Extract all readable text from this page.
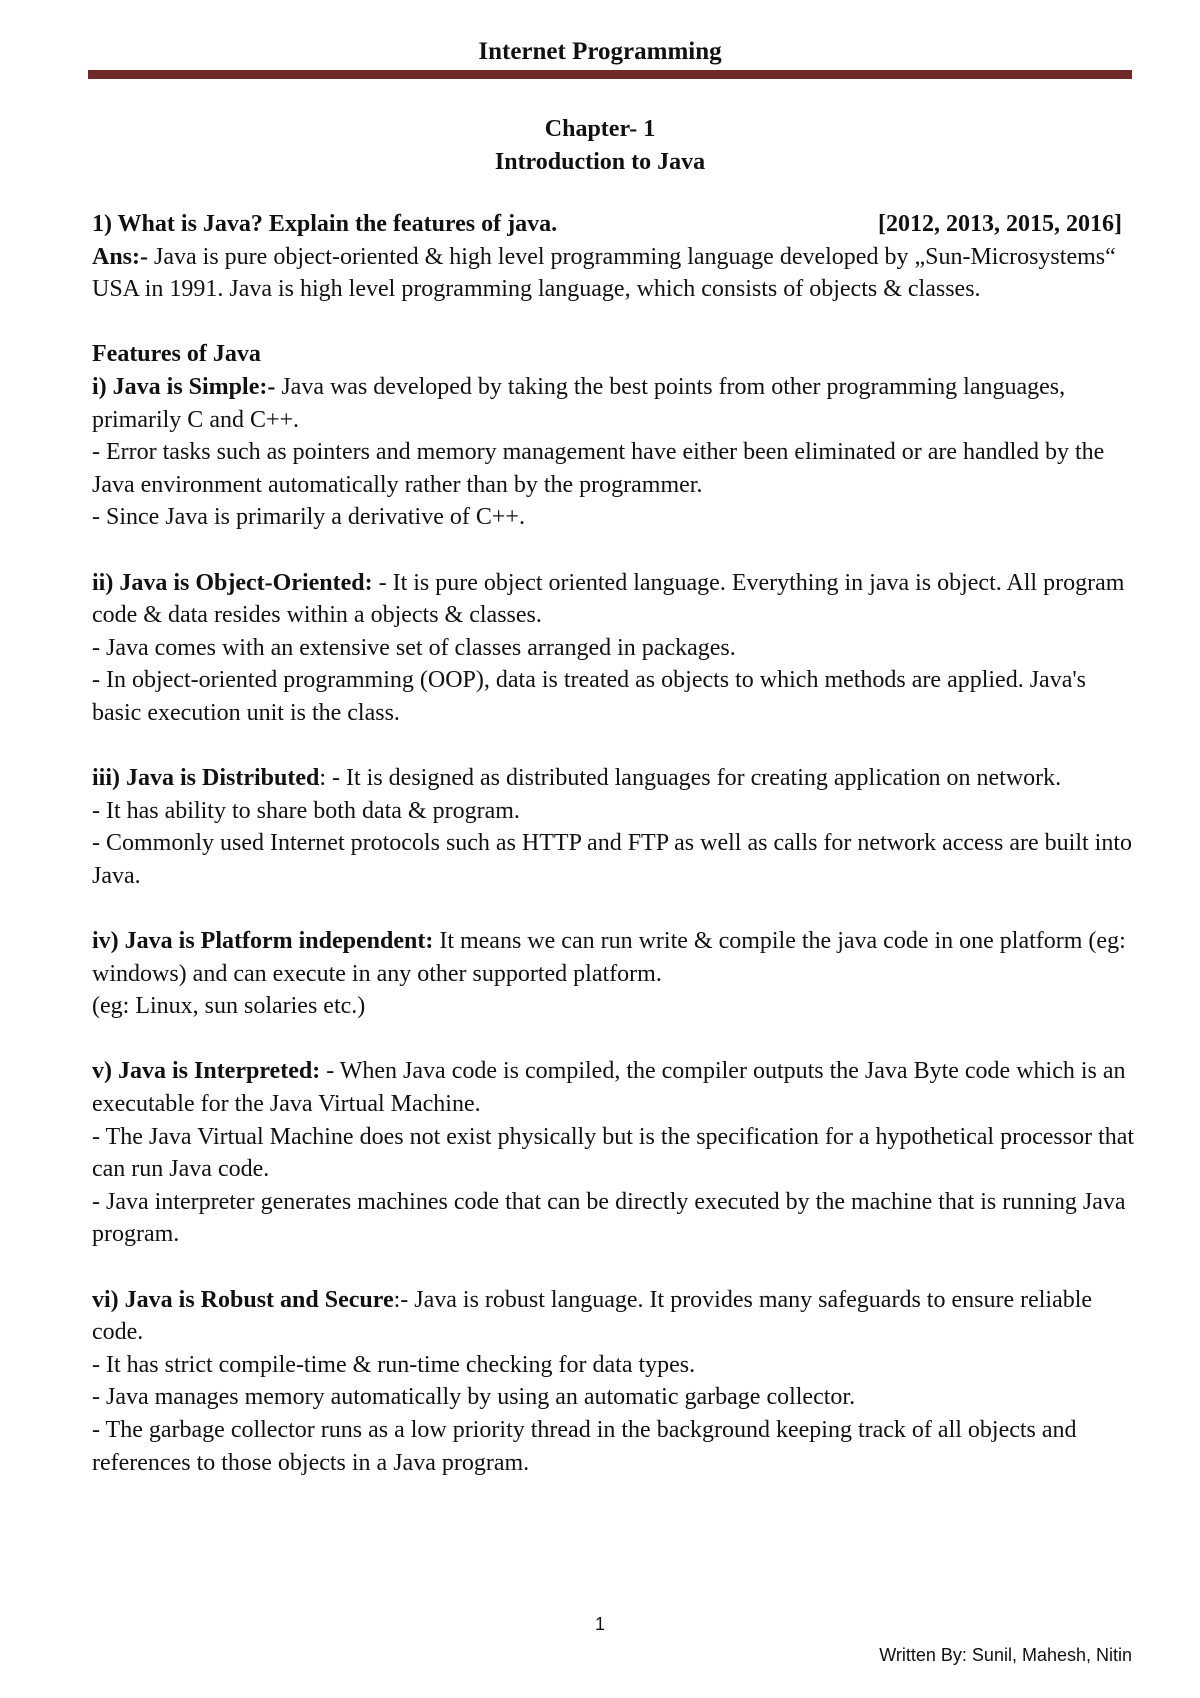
Internet Programming
Chapter- 1
Introduction to Java
1) What is Java? Explain the features of java.	[2012, 2013, 2015, 2016]

Ans:- Java is pure object-oriented & high level programming language developed by „Sun-Microsystems“ USA in 1991. Java is high level programming language, which consists of objects & classes.

Features of Java

i) Java is Simple:- Java was developed by taking the best points from other programming languages, primarily C and C++.

- Error tasks such as pointers and memory management have either been eliminated or are handled by the Java environment automatically rather than by the programmer.

- Since Java is primarily a derivative of C++.

ii) Java is Object-Oriented: - It is pure object oriented language. Everything in java is object. All program code & data resides within a objects & classes.

- Java comes with an extensive set of classes arranged in packages.

- In object-oriented programming (OOP), data is treated as objects to which methods are applied. Java's basic execution unit is the class.

iii) Java is Distributed: - It is designed as distributed languages for creating application on network.

- It has ability to share both data & program.

- Commonly used Internet protocols such as HTTP and FTP as well as calls for network access are built into Java.

iv) Java is Platform independent: It means we can run write & compile the java code in one platform (eg: windows) and can execute in any other supported platform.

(eg: Linux, sun solaries etc.)

v) Java is Interpreted: - When Java code is compiled, the compiler outputs the Java Byte code which is an executable for the Java Virtual Machine.

- The Java Virtual Machine does not exist physically but is the specification for a hypothetical processor that can run Java code.

- Java interpreter generates machines code that can be directly executed by the machine that is running Java program.

vi) Java is Robust and Secure:- Java is robust language. It provides many safeguards to ensure reliable code.

- It has strict compile-time & run-time checking for data types.

- Java manages memory automatically by using an automatic garbage collector.

- The garbage collector runs as a low priority thread in the background keeping track of all objects and references to those objects in a Java program.

1
Written By: Sunil, Mahesh, Nitin
